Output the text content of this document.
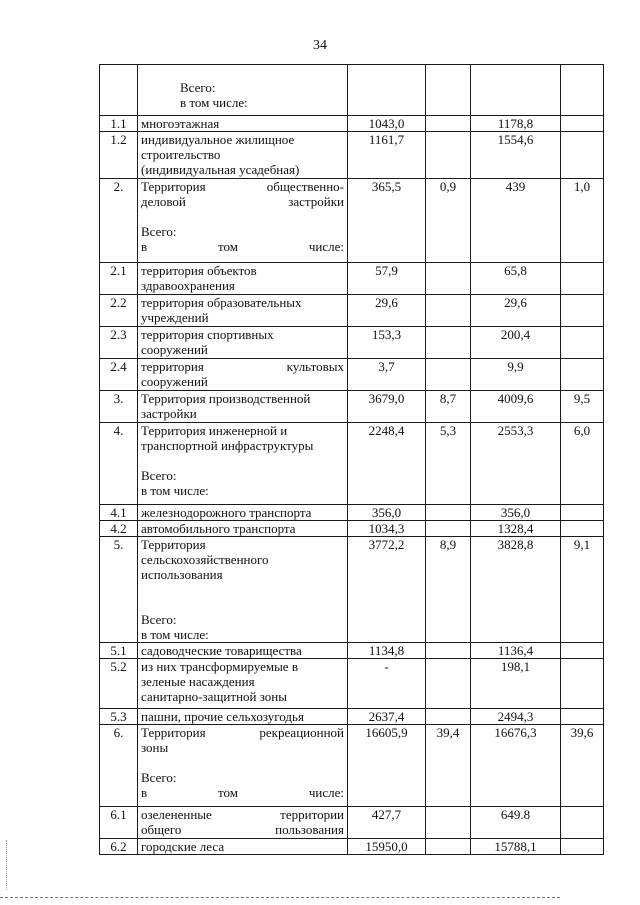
34

Всего:
в том числе:				
1.1	многоэтажная	1043,0		1178,8	
1.2	индивидуальное жилищное
строительство
(индивидуальная усадебная)	1161,7		1554,6	
2.	Территория общественно-
деловой застройки

Всего:
в том числе:	365,5	0,9	439	1,0
2.1	территория объектов
здравоохранения	57,9		65,8	
2.2	территория образовательных
учреждений	29,6		29,6	
2.3	территория спортивных
сооружений	153,3		200,4	
2.4	территория культовых
сооружений	3,7		9,9	
3.	Территория производственной
застройки	3679,0	8,7	4009,6	9,5
4.	Территория инженерной и
транспортной инфраструктуры

Всего:
в том числе:	2248,4	5,3	2553,3	6,0
4.1	железнодорожного транспорта	356,0		356,0	
4.2	автомобильного транспорта	1034,3		1328,4	
5.	Территория
сельскохозяйственного
использования

Всего:
в том числе:	3772,2	8,9	3828,8	9,1
5.1	садоводческие товарищества	1134,8		1136,4	
5.2	из них трансформируемые в
зеленые насаждения
санитарно-защитной зоны	-		198,1	
5.3	пашни, прочие сельхозугодья	2637,4		2494,3	
6.	Территория рекреационной
зоны

Всего:
в том числе:	16605,9	39,4	16676,3	39,6
6.1	озелененные территории
общего пользования	427,7		649.8	
6.2	городские леса	15950,0		15788,1	
